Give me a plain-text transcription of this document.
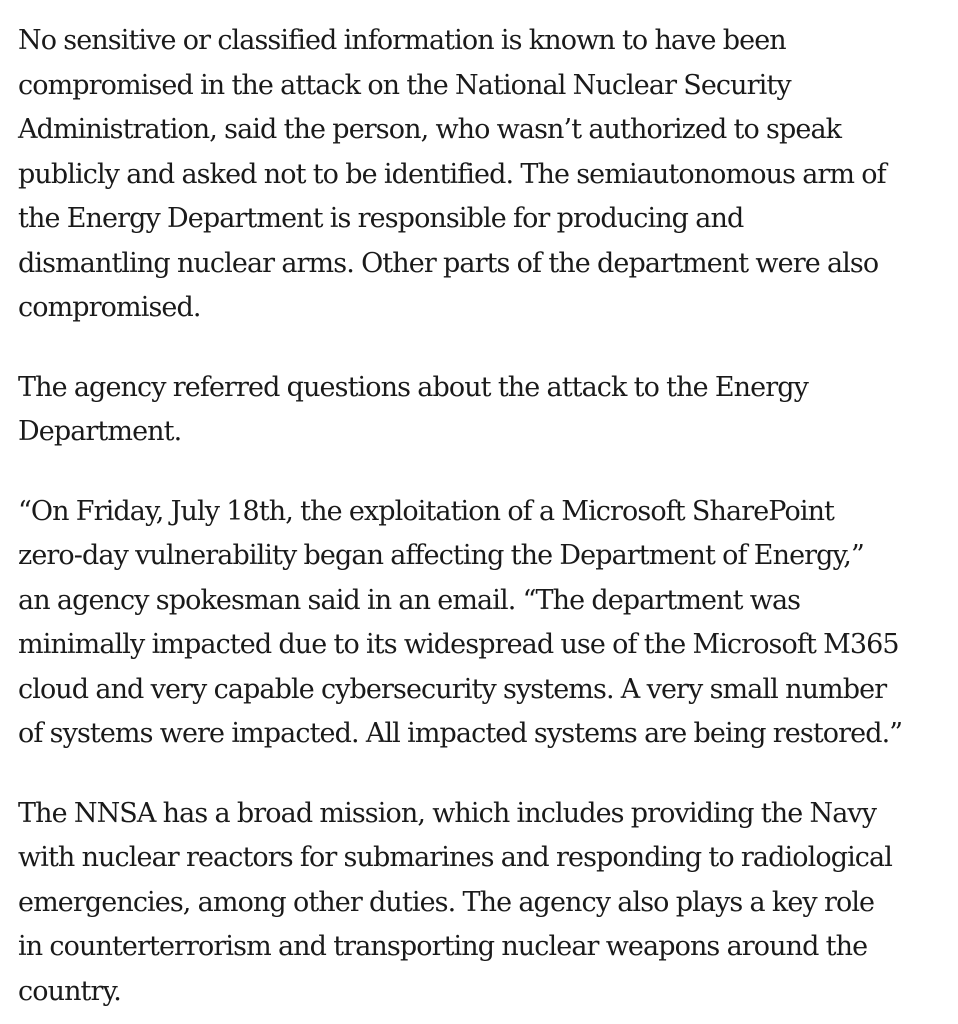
No sensitive or classified information is known to have been
compromised in the attack on the National Nuclear Security
Administration, said the person, who wasn’t authorized to speak
publicly and asked not to be identified. The semiautonomous arm of
the Energy Department is responsible for producing and
dismantling nuclear arms. Other parts of the department were also
compromised.

The agency referred questions about the attack to the Energy
Department.

“On Friday, July 18th, the exploitation of a Microsoft SharePoint
zero-day vulnerability began affecting the Department of Energy,”
an agency spokesman said in an email. “The department was
minimally impacted due to its widespread use of the Microsoft M365
cloud and very capable cybersecurity systems. A very small number
of systems were impacted. All impacted systems are being restored.”

The NNSA has a broad mission, which includes providing the Navy
with nuclear reactors for submarines and responding to radiological
emergencies, among other duties. The agency also plays a key role
in counterterrorism and transporting nuclear weapons around the
country.
